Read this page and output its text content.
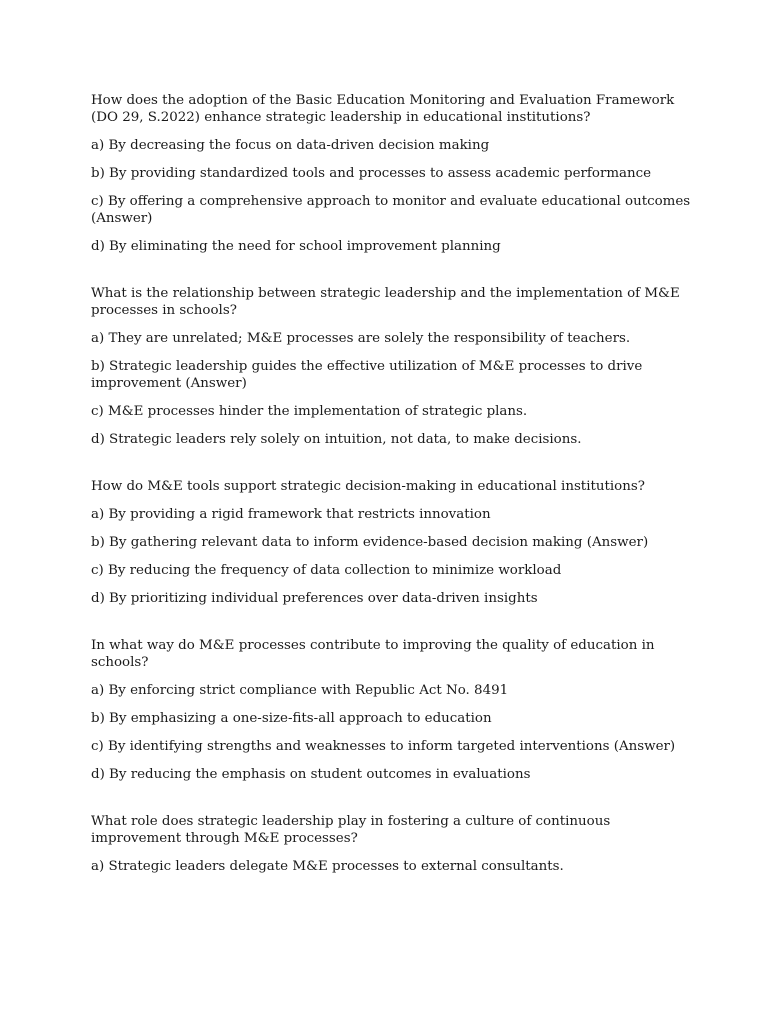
How does the adoption of the Basic Education Monitoring and Evaluation Framework (DO 29, S.2022) enhance strategic leadership in educational institutions?

a) By decreasing the focus on data-driven decision making

b) By providing standardized tools and processes to assess academic performance

c) By offering a comprehensive approach to monitor and evaluate educational outcomes (Answer)

d) By eliminating the need for school improvement planning

What is the relationship between strategic leadership and the implementation of M&E processes in schools?

a) They are unrelated; M&E processes are solely the responsibility of teachers.

b) Strategic leadership guides the effective utilization of M&E processes to drive improvement (Answer)

c) M&E processes hinder the implementation of strategic plans.

d) Strategic leaders rely solely on intuition, not data, to make decisions.

How do M&E tools support strategic decision-making in educational institutions?

a) By providing a rigid framework that restricts innovation

b) By gathering relevant data to inform evidence-based decision making (Answer)

c) By reducing the frequency of data collection to minimize workload

d) By prioritizing individual preferences over data-driven insights

In what way do M&E processes contribute to improving the quality of education in schools?

a) By enforcing strict compliance with Republic Act No. 8491

b) By emphasizing a one-size-fits-all approach to education

c) By identifying strengths and weaknesses to inform targeted interventions (Answer)

d) By reducing the emphasis on student outcomes in evaluations

What role does strategic leadership play in fostering a culture of continuous improvement through M&E processes?

a) Strategic leaders delegate M&E processes to external consultants.
